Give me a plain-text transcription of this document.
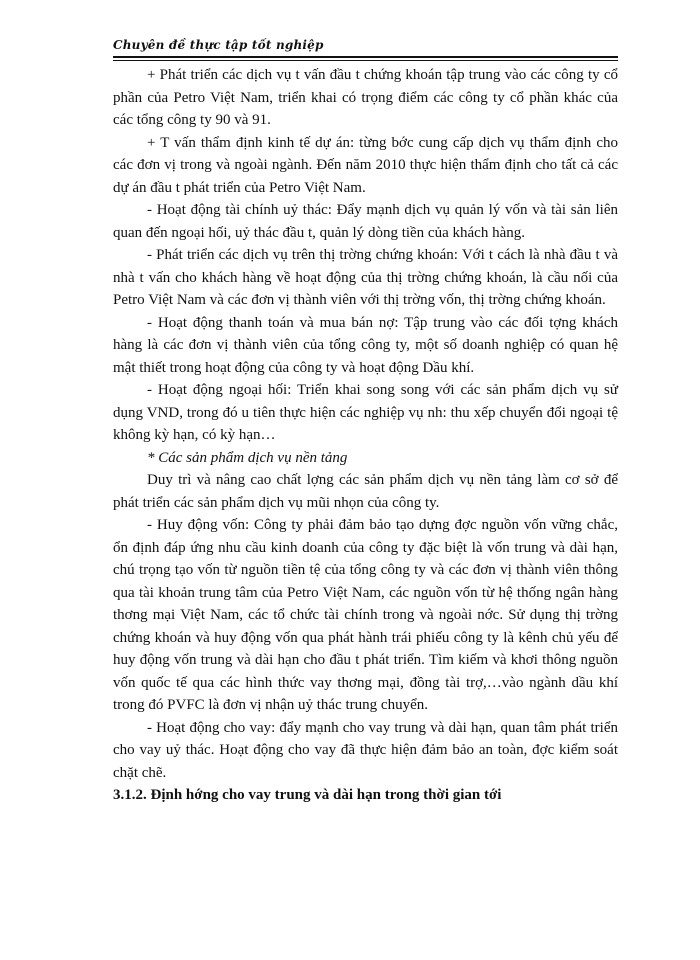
Chuyên đề thực tập tốt nghiệp

+ Phát triển các dịch vụ t vấn đầu t chứng khoán tập trung vào các công ty cổ phần của Petro Việt Nam, triển khai có trọng điểm các công ty cổ phần khác của các tổng công ty 90 và 91.

+ T vấn thẩm định kinh tế dự án: từng bớc cung cấp dịch vụ thẩm định cho các đơn vị trong và ngoài ngành. Đến năm 2010 thực hiện thẩm định cho tất cả các dự án đầu t phát triển của Petro Việt Nam.

- Hoạt động tài chính uỷ thác: Đẩy mạnh dịch vụ quản lý vốn và tài sản liên quan đến ngoại hối, uỷ thác đầu t, quản lý dòng tiền của khách hàng.

- Phát triển các dịch vụ trên thị trờng chứng khoán: Với t cách là nhà đầu t và nhà t vấn cho khách hàng về hoạt động của thị trờng chứng khoán, là cầu nối của Petro Việt Nam và các đơn vị thành viên với thị trờng vốn, thị trờng chứng khoán.

- Hoạt động thanh toán và mua bán nợ: Tập trung vào các đối tợng khách hàng là các đơn vị thành viên của tổng công ty, một số doanh nghiệp có quan hệ mật thiết trong hoạt động của công ty và hoạt động Dầu khí.

- Hoạt động ngoại hối: Triển khai song song với các sản phẩm dịch vụ sử dụng VND, trong đó u tiên thực hiện các nghiệp vụ nh: thu xếp chuyển đổi ngoại tệ không kỳ hạn, có kỳ hạn…

* Các sản phẩm dịch vụ nền tảng

Duy trì và nâng cao chất lợng các sản phẩm dịch vụ nền tảng làm cơ sở để phát triển các sản phẩm dịch vụ mũi nhọn của công ty.

- Huy động vốn: Công ty phải đảm bảo tạo dựng đợc nguồn vốn vững chắc, ổn định đáp ứng nhu cầu kinh doanh của công ty đặc biệt là vốn trung và dài hạn, chú trọng tạo vốn từ nguồn tiền tệ của tổng công ty và các đơn vị thành viên thông qua tài khoản trung tâm của Petro Việt Nam, các nguồn vốn từ hệ thống ngân hàng thơng mại Việt Nam, các tổ chức tài chính trong và ngoài nớc. Sử dụng thị trờng chứng khoán và huy động vốn qua phát hành trái phiếu công ty là kênh chủ yếu để huy động vốn trung và dài hạn cho đầu t phát triển. Tìm kiếm và khơi thông nguồn vốn quốc tế qua các hình thức vay thơng mại, đồng tài trợ,…vào ngành dầu khí trong đó PVFC là đơn vị nhận uỷ thác trung chuyển.

- Hoạt động cho vay: đẩy mạnh cho vay trung và dài hạn, quan tâm phát triển cho vay uỷ thác. Hoạt động cho vay đã thực hiện đảm bảo an toàn, đợc kiểm soát chặt chẽ.

3.1.2. Định hớng cho vay trung và dài hạn trong thời gian tới
